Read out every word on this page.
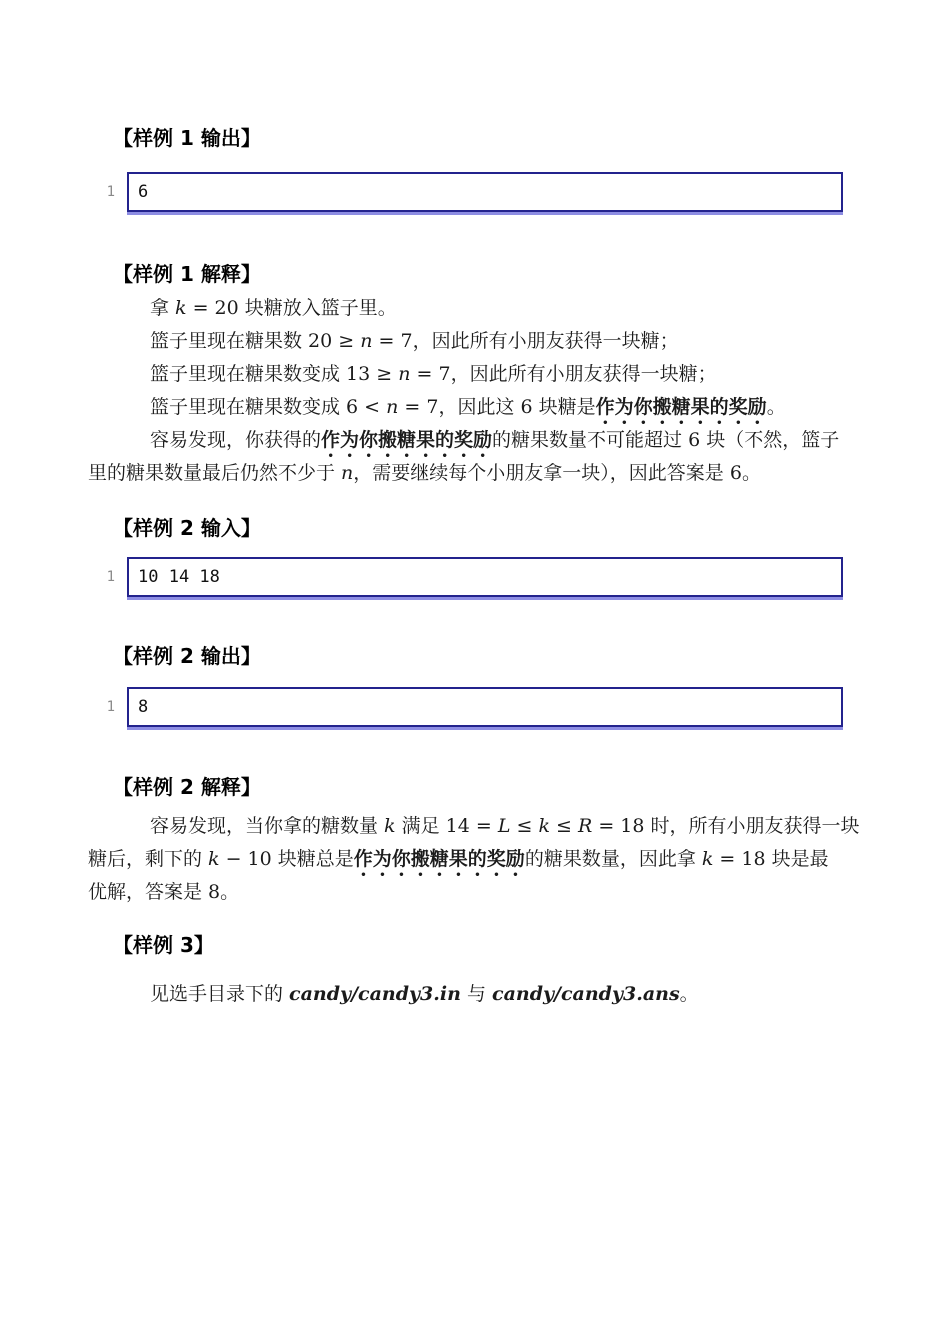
【样例 1 输出】
1	6
【样例 1 解释】
拿 k = 20 块糖放入篮子里。
篮子里现在糖果数 20 ≥ n = 7，因此所有小朋友获得一块糖；
篮子里现在糖果数变成 13 ≥ n = 7，因此所有小朋友获得一块糖；
篮子里现在糖果数变成 6 < n = 7，因此这 6 块糖是作为你搬糖果的奖励。
容易发现，你获得的作为你搬糖果的奖励的糖果数量不可能超过 6 块（不然，篮子
里的糖果数量最后仍然不少于 n，需要继续每个小朋友拿一块），因此答案是 6。
【样例 2 输入】
1	10 14 18
【样例 2 输出】
1	8
【样例 2 解释】
容易发现，当你拿的糖数量 k 满足 14 = L ≤ k ≤ R = 18 时，所有小朋友获得一块
糖后，剩下的 k − 10 块糖总是作为你搬糖果的奖励的糖果数量，因此拿 k = 18 块是最
优解，答案是 8。
【样例 3】
见选手目录下的 candy/candy3.in 与 candy/candy3.ans。
